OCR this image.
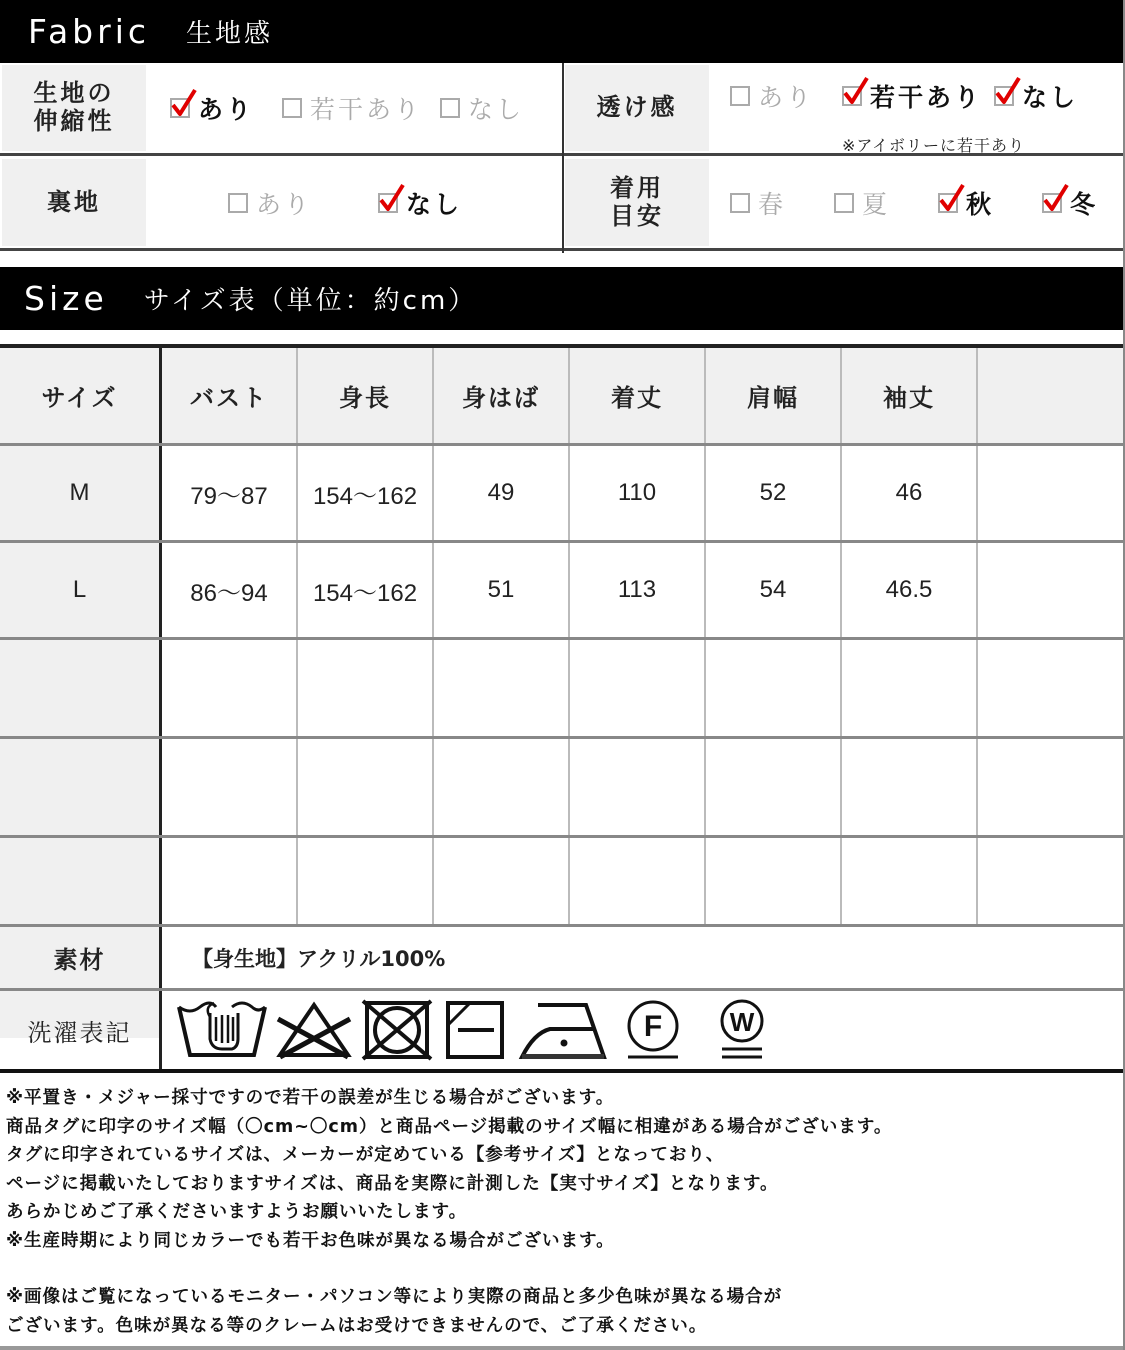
Fabric 生地感
生地の
伸縮性	あり 若干あり なし	透け感	あり 若干あり なし
※アイボリーに若干あり
裏地	あり	なし
着用
目安	春	夏	秋	冬
Size サイズ表（単位：約cm）
サイズ	バスト	身長	身はば	着丈	肩幅	袖丈
M	79～87	154～162	49	110	52	46
L	86～94	154～162	51	113	54	46.5
素材	【身生地】アクリル100%
洗濯表記	F	W

※平置き・メジャー採寸ですので若干の誤差が生じる場合がございます。

商品タグに印字のサイズ幅（〇cm~〇cm）と商品ページ掲載のサイズ幅に相違がある場合がございます。

タグに印字されているサイズは、メーカーが定めている【参考サイズ】となっており、

ページに掲載いたしておりますサイズは、商品を実際に計測した【実寸サイズ】となります。

あらかじめご了承くださいますようお願いいたします。

※生産時期により同じカラーでも若干お色味が異なる場合がございます。

※画像はご覧になっているモニター・パソコン等により実際の商品と多少色味が異なる場合が

ございます。色味が異なる等のクレームはお受けできませんので、ご了承ください。
